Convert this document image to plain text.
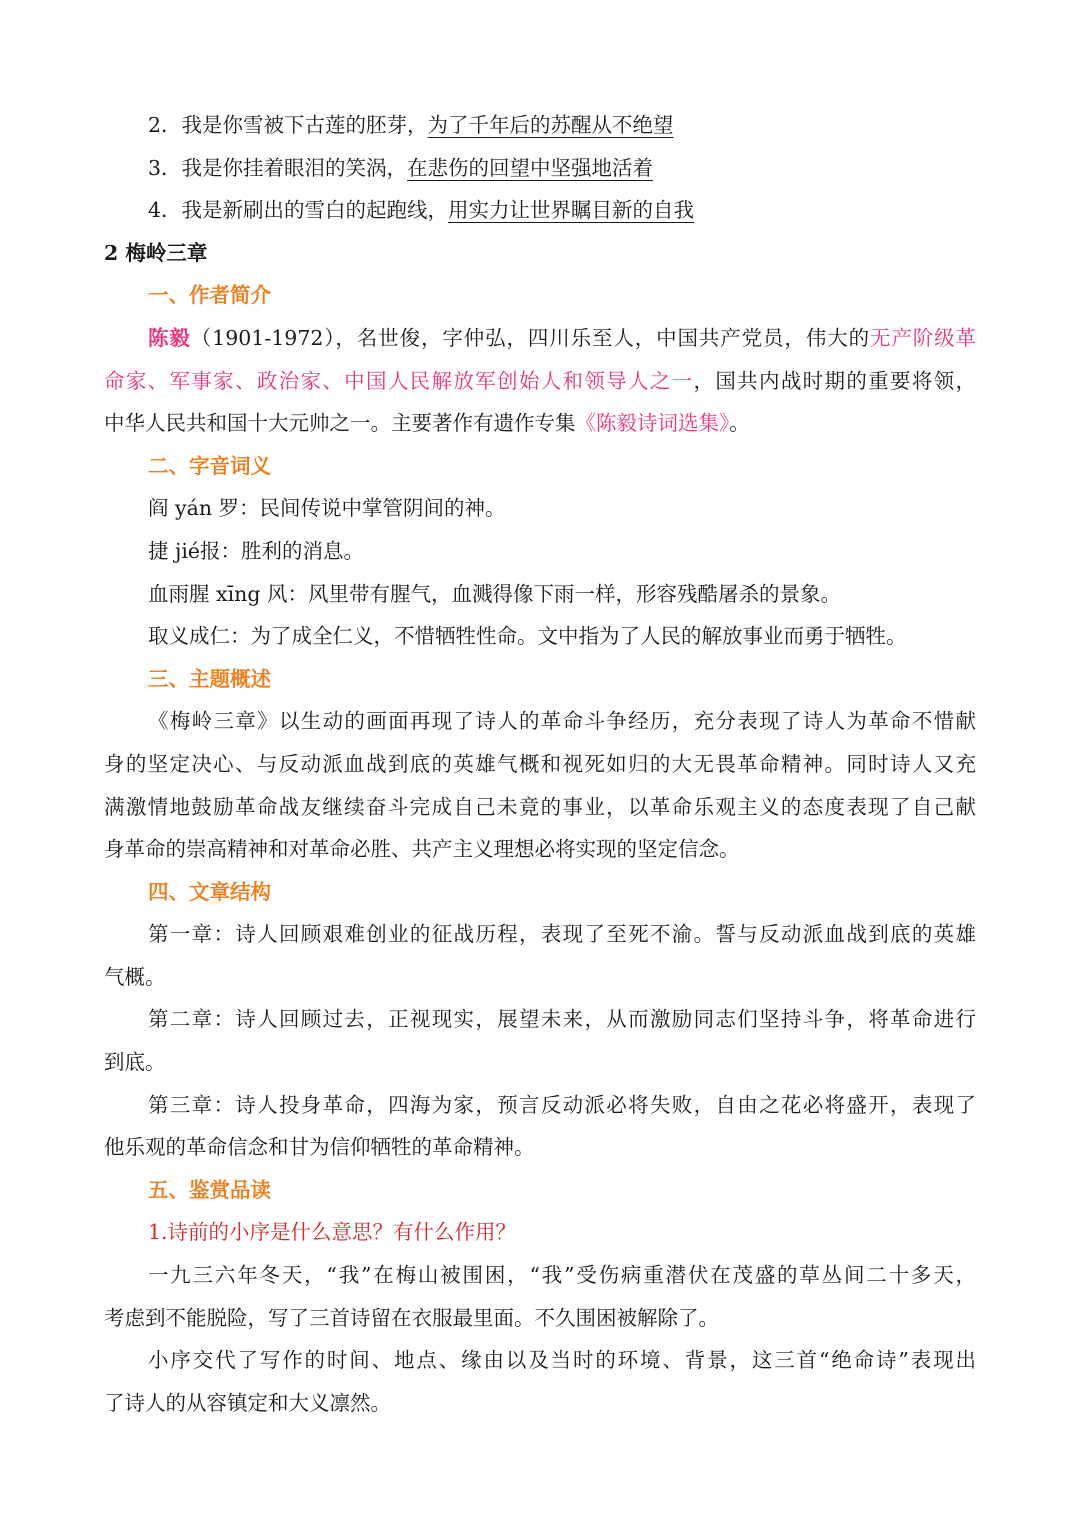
2．我是你雪被下古莲的胚芽，为了千年后的苏醒从不绝望
3．我是你挂着眼泪的笑涡，在悲伤的回望中坚强地活着
4．我是新刷出的雪白的起跑线，用实力让世界瞩目新的自我
2 梅岭三章
一、作者简介
陈毅（1901-1972），名世俊，字仲弘，四川乐至人，中国共产党员，伟大的无产阶级革
命家、军事家、政治家、中国人民解放军创始人和领导人之一，国共内战时期的重要将领，
中华人民共和国十大元帅之一。主要著作有遗作专集《陈毅诗词选集》。
二、字音词义
阎 yán 罗：民间传说中掌管阴间的神。
捷 jié报：胜利的消息。
血雨腥 xīng 风：风里带有腥气，血溅得像下雨一样，形容残酷屠杀的景象。
取义成仁：为了成全仁义，不惜牺牲性命。文中指为了人民的解放事业而勇于牺牲。
三、主题概述
《梅岭三章》以生动的画面再现了诗人的革命斗争经历，充分表现了诗人为革命不惜献
身的坚定决心、与反动派血战到底的英雄气概和视死如归的大无畏革命精神。同时诗人又充
满激情地鼓励革命战友继续奋斗完成自己未竟的事业，以革命乐观主义的态度表现了自己献
身革命的崇高精神和对革命必胜、共产主义理想必将实现的坚定信念。
四、文章结构
第一章：诗人回顾艰难创业的征战历程，表现了至死不渝。誓与反动派血战到底的英雄
气概。
第二章：诗人回顾过去，正视现实，展望未来，从而激励同志们坚持斗争，将革命进行
到底。
第三章：诗人投身革命，四海为家，预言反动派必将失败，自由之花必将盛开，表现了
他乐观的革命信念和甘为信仰牺牲的革命精神。
五、鉴赏品读
1.诗前的小序是什么意思？有什么作用？
一九三六年冬天，“我”在梅山被围困，“我”受伤病重潜伏在茂盛的草丛间二十多天，
考虑到不能脱险，写了三首诗留在衣服最里面。不久围困被解除了。
小序交代了写作的时间、地点、缘由以及当时的环境、背景，这三首“绝命诗”表现出
了诗人的从容镇定和大义凛然。
